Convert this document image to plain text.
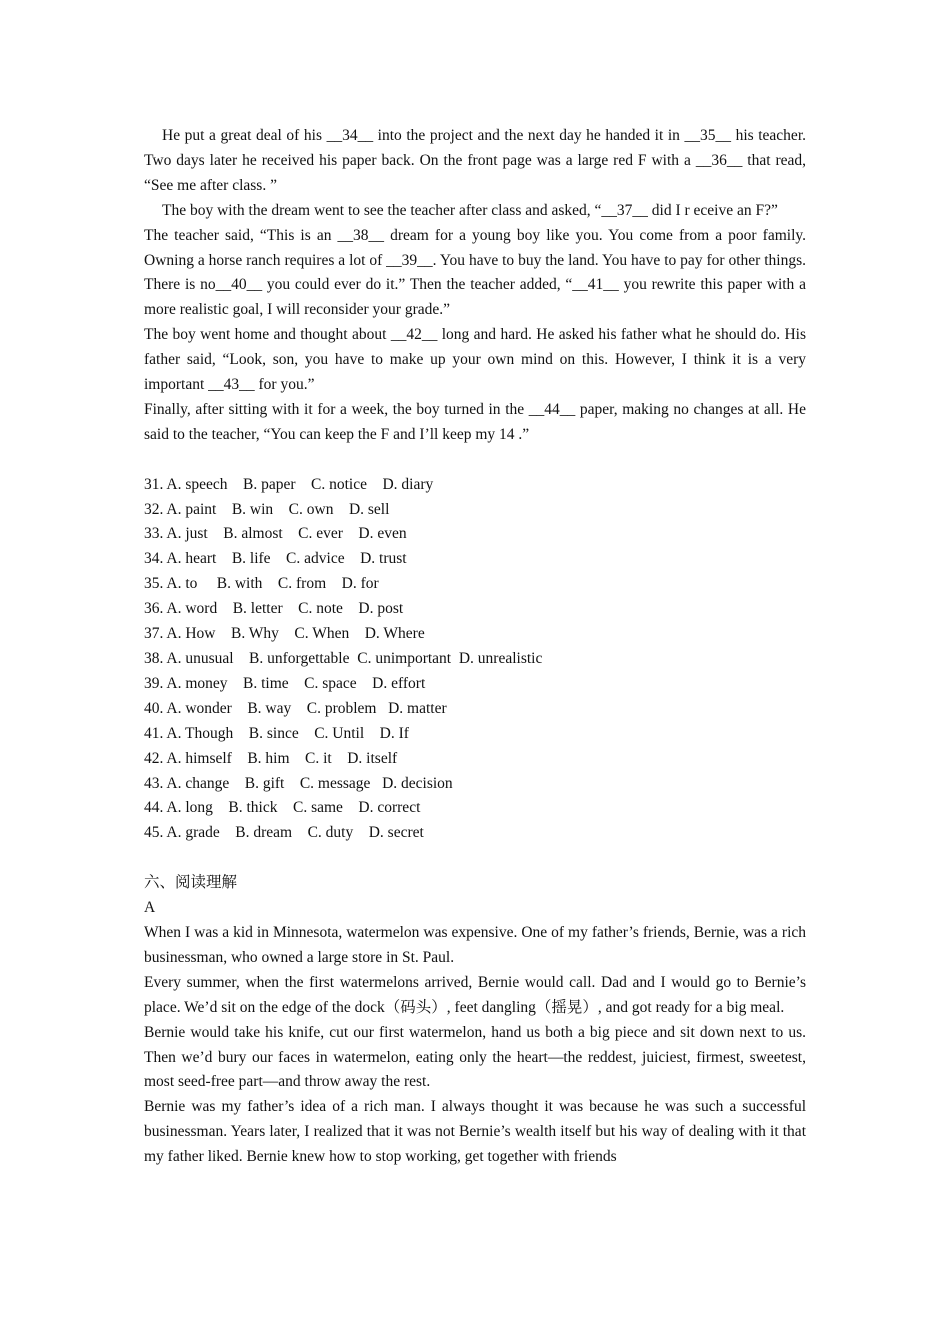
He put a great deal of his __34__ into the project and the next day he handed it in __35__ his teacher. Two days later he received his paper back. On the front page was a large red F with a __36__ that read, “See me after class. ”

The boy with the dream went to see the teacher after class and asked, “__37__ did I r eceive an F?”

The teacher said, “This is an __38__ dream for a young boy like you. You come from a poor family. Owning a horse ranch requires a lot of __39__. You have to buy the land. You have to pay for other things. There is no__40__ you could ever do it.” Then the teacher added, “__41__ you rewrite this paper with a more realistic goal, I will reconsider your grade.”

The boy went home and thought about __42__ long and hard. He asked his father what he should do. His father said, “Look, son, you have to make up your own mind on this. However, I think it is a very important __43__ for you.”

Finally, after sitting with it for a week, the boy turned in the __44__ paper, making no changes at all. He said to the teacher, “You can keep the F and I’ll keep my 14 .”

31. A. speech    B. paper    C. notice    D. diary

32. A. paint    B. win    C. own    D. sell

33. A. just    B. almost    C. ever    D. even

34. A. heart    B. life    C. advice    D. trust

35. A. to     B. with    C. from    D. for

36. A. word    B. letter    C. note    D. post

37. A. How    B. Why    C. When    D. Where

38. A. unusual    B. unforgettable  C. unimportant  D. unrealistic

39. A. money    B. time    C. space    D. effort

40. A. wonder    B. way    C. problem   D. matter

41. A. Though    B. since    C. Until    D. If

42. A. himself    B. him    C. it    D. itself

43. A. change    B. gift    C. message   D. decision

44. A. long    B. thick    C. same    D. correct

45. A. grade    B. dream    C. duty    D. secret

六、阅读理解

A

When I was a kid in Minnesota, watermelon was expensive. One of my father’s friends, Bernie, was a rich businessman, who owned a large store in St. Paul.

Every summer, when the first watermelons arrived, Bernie would call. Dad and I would go to Bernie’s place. We’d sit on the edge of the dock（码头）, feet dangling（摇晃）, and got ready for a big meal.

Bernie would take his knife, cut our first watermelon, hand us both a big piece and sit down next to us. Then we’d bury our faces in watermelon, eating only the heart—the reddest, juiciest, firmest, sweetest, most seed-free part—and throw away the rest.

Bernie was my father’s idea of a rich man. I always thought it was because he was such a successful businessman. Years later, I realized that it was not Bernie’s wealth itself but his way of dealing with it that my father liked. Bernie knew how to stop working, get together with friends
